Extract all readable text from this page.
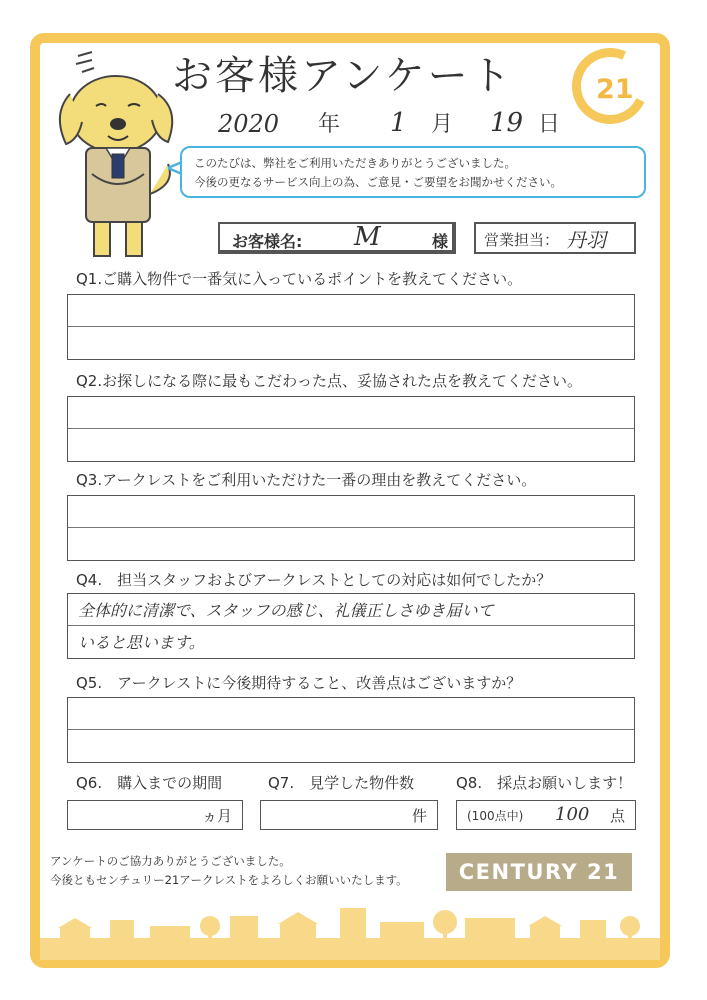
お客様アンケート
2020 年 1 月 19 日
21
このたびは、弊社をご利用いただきありがとうございました。
今後の更なるサービス向上の為、ご意見・ご要望をお聞かせください。
お客様名: M	様 営業担当： 丹羽
Q1.ご購入物件で一番気に入っているポイントを教えてください。
Q2.お探しになる際に最もこだわった点、妥協された点を教えてください。
Q3.アークレストをご利用いただけた一番の理由を教えてください。
Q4.　担当スタッフおよびアークレストとしての対応は如何でしたか？
全体的に清潔で、スタッフの感じ、礼儀正しさゆき届いて
いると思います。
Q5.　アークレストに今後期待すること、改善点はございますか？
Q6.　購入までの期間
ヵ月
Q7.　見学した物件数
件
Q8.　採点お願いします！
(100点中) 100 点
アンケートのご協力ありがとうございました。
今後ともセンチュリー21アークレストをよろしくお願いいたします。	CENTURY 21
